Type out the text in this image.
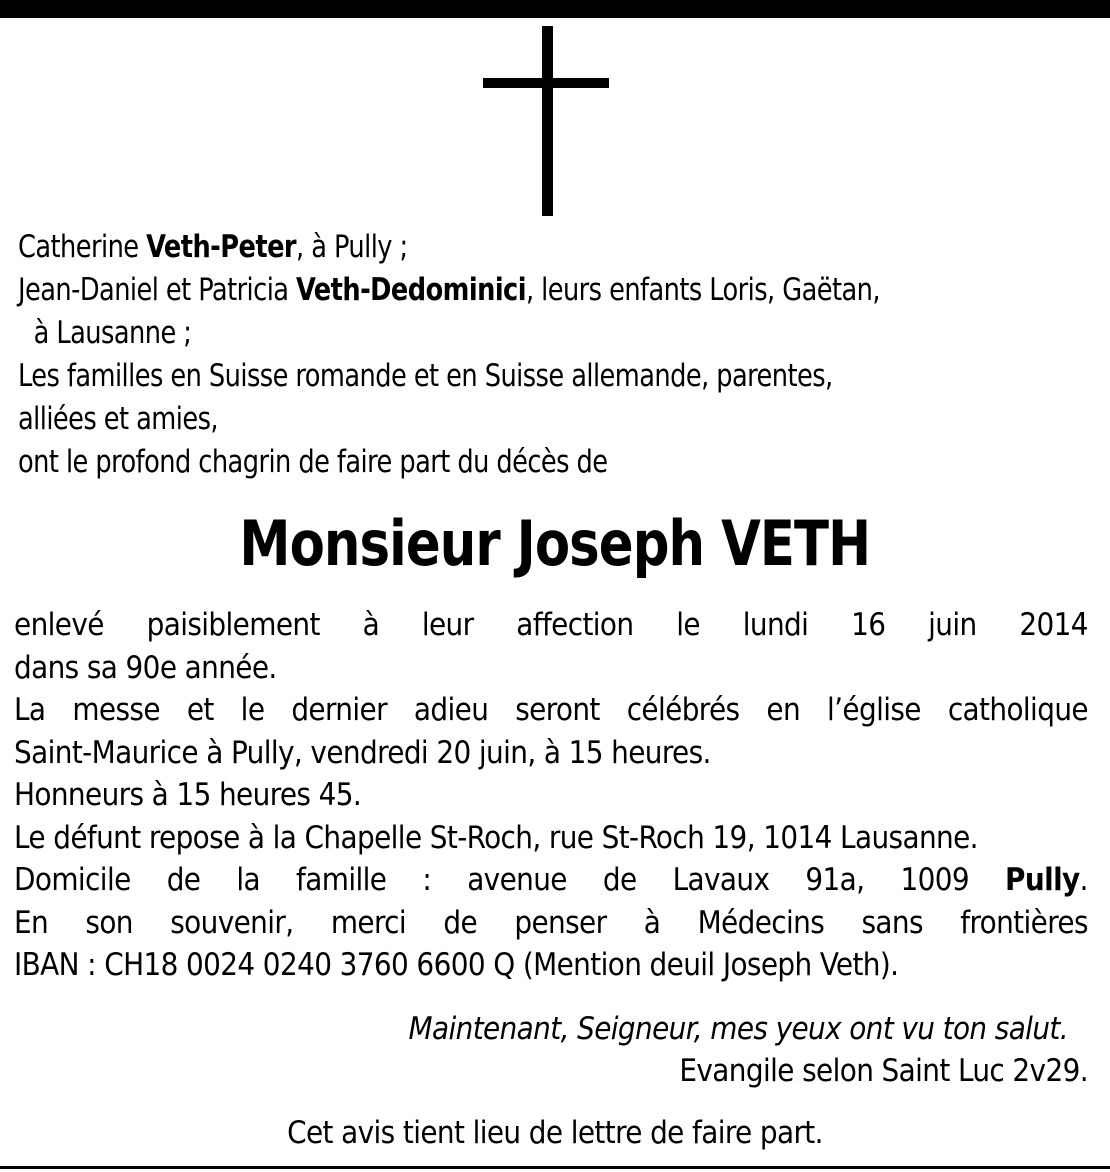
Catherine Veth-Peter, à Pully ;
Jean-Daniel et Patricia Veth-Dedominici, leurs enfants Loris, Gaëtan,
à Lausanne ;
Les familles en Suisse romande et en Suisse allemande, parentes,
alliées et amies,
ont le profond chagrin de faire part du décès de
Monsieur Joseph VETH
enlevé paisiblement à leur affection le lundi 16 juin 2014
dans sa 90e année.
La messe et le dernier adieu seront célébrés en l’église catholique
Saint-Maurice à Pully, vendredi 20 juin, à 15 heures.
Honneurs à 15 heures 45.
Le défunt repose à la Chapelle St-Roch, rue St-Roch 19, 1014 Lausanne.
Domicile de la famille : avenue de Lavaux 91a, 1009 Pully.
En son souvenir, merci de penser à Médecins sans frontières
IBAN : CH18 0024 0240 3760 6600 Q (Mention deuil Joseph Veth).
Maintenant, Seigneur, mes yeux ont vu ton salut.
Evangile selon Saint Luc 2v29.
Cet avis tient lieu de lettre de faire part.
